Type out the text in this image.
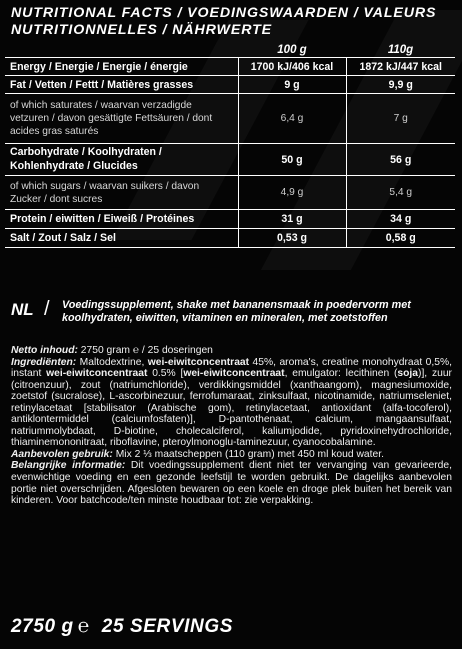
NUTRITIONAL FACTS / VOEDINGSWAARDEN / VALEURS NUTRITIONNELLES / NÄHRWERTE
	100 g	110g
Energy / Energie / Energie / énergie	1700 kJ/406 kcal	1872 kJ/447 kcal
Fat / Vetten / Fettt / Matières grasses	9 g	9,9 g
of which saturates / waarvan verzadigde vetzuren / davon gesättigte Fettsäuren / dont acides gras saturés	6,4 g	7 g
Carbohydrate / Koolhydraten / Kohlenhydrate / Glucides	50 g	56 g
of which sugars / waarvan suikers / davon Zucker / dont sucres	4,9 g	5,4 g
Protein / eiwitten / Eiweiß / Protéines	31 g	34 g
Salt / Zout / Salz / Sel	0,53 g	0,58 g
NL / Voedingssupplement, shake met bananensmaak in poedervorm met koolhydraten, eiwitten, vitaminen en mineralen, met zoetstoffen

Netto inhoud: 2750 gram ℮ / 25 doseringen

Ingrediënten: Maltodextrine, wei-eiwitconcentraat 45%, aroma's, creatine monohydraat 0,5%, instant wei-eiwitconcentraat 0.5% [wei-eiwitconcentraat, emulgator: lecithinen (soja)], zuur (citroenzuur), zout (natriumchloride), verdikkingsmiddel (xanthaangom), magnesiumoxide, zoetstof (sucralose), L-ascorbinezuur, ferrofumaraat, zinksulfaat, nicotinamide, natriumseleniet, retinylacetaat [stabilisator (Arabische gom), retinylacetaat, antioxidant (alfa-tocoferol), antiklontermiddel (calciumfosfaten)], D-pantothenaat, calcium, mangaansulfaat, natriummolybdaat, D-biotine, cholecalciferol, kaliumjodide, pyridoxinehydrochloride, thiaminemononitraat, riboflavine, pteroylmonoglu-taminezuur, cyanocobalamine.

Aanbevolen gebruik: Mix 2 ⅓ maatscheppen (110 gram) met 450 ml koud water.

Belangrijke informatie: Dit voedingssupplement dient niet ter vervanging van gevarieerde, evenwichtige voeding en een gezonde leefstijl te worden gebruikt. De dagelijks aanbevolen portie niet overschrijden. Afgesloten bewaren op een koele en droge plek buiten het bereik van kinderen. Voor batchcode/ten minste houdbaar tot: zie verpakking.

2750 g ℮ 25 SERVINGS
